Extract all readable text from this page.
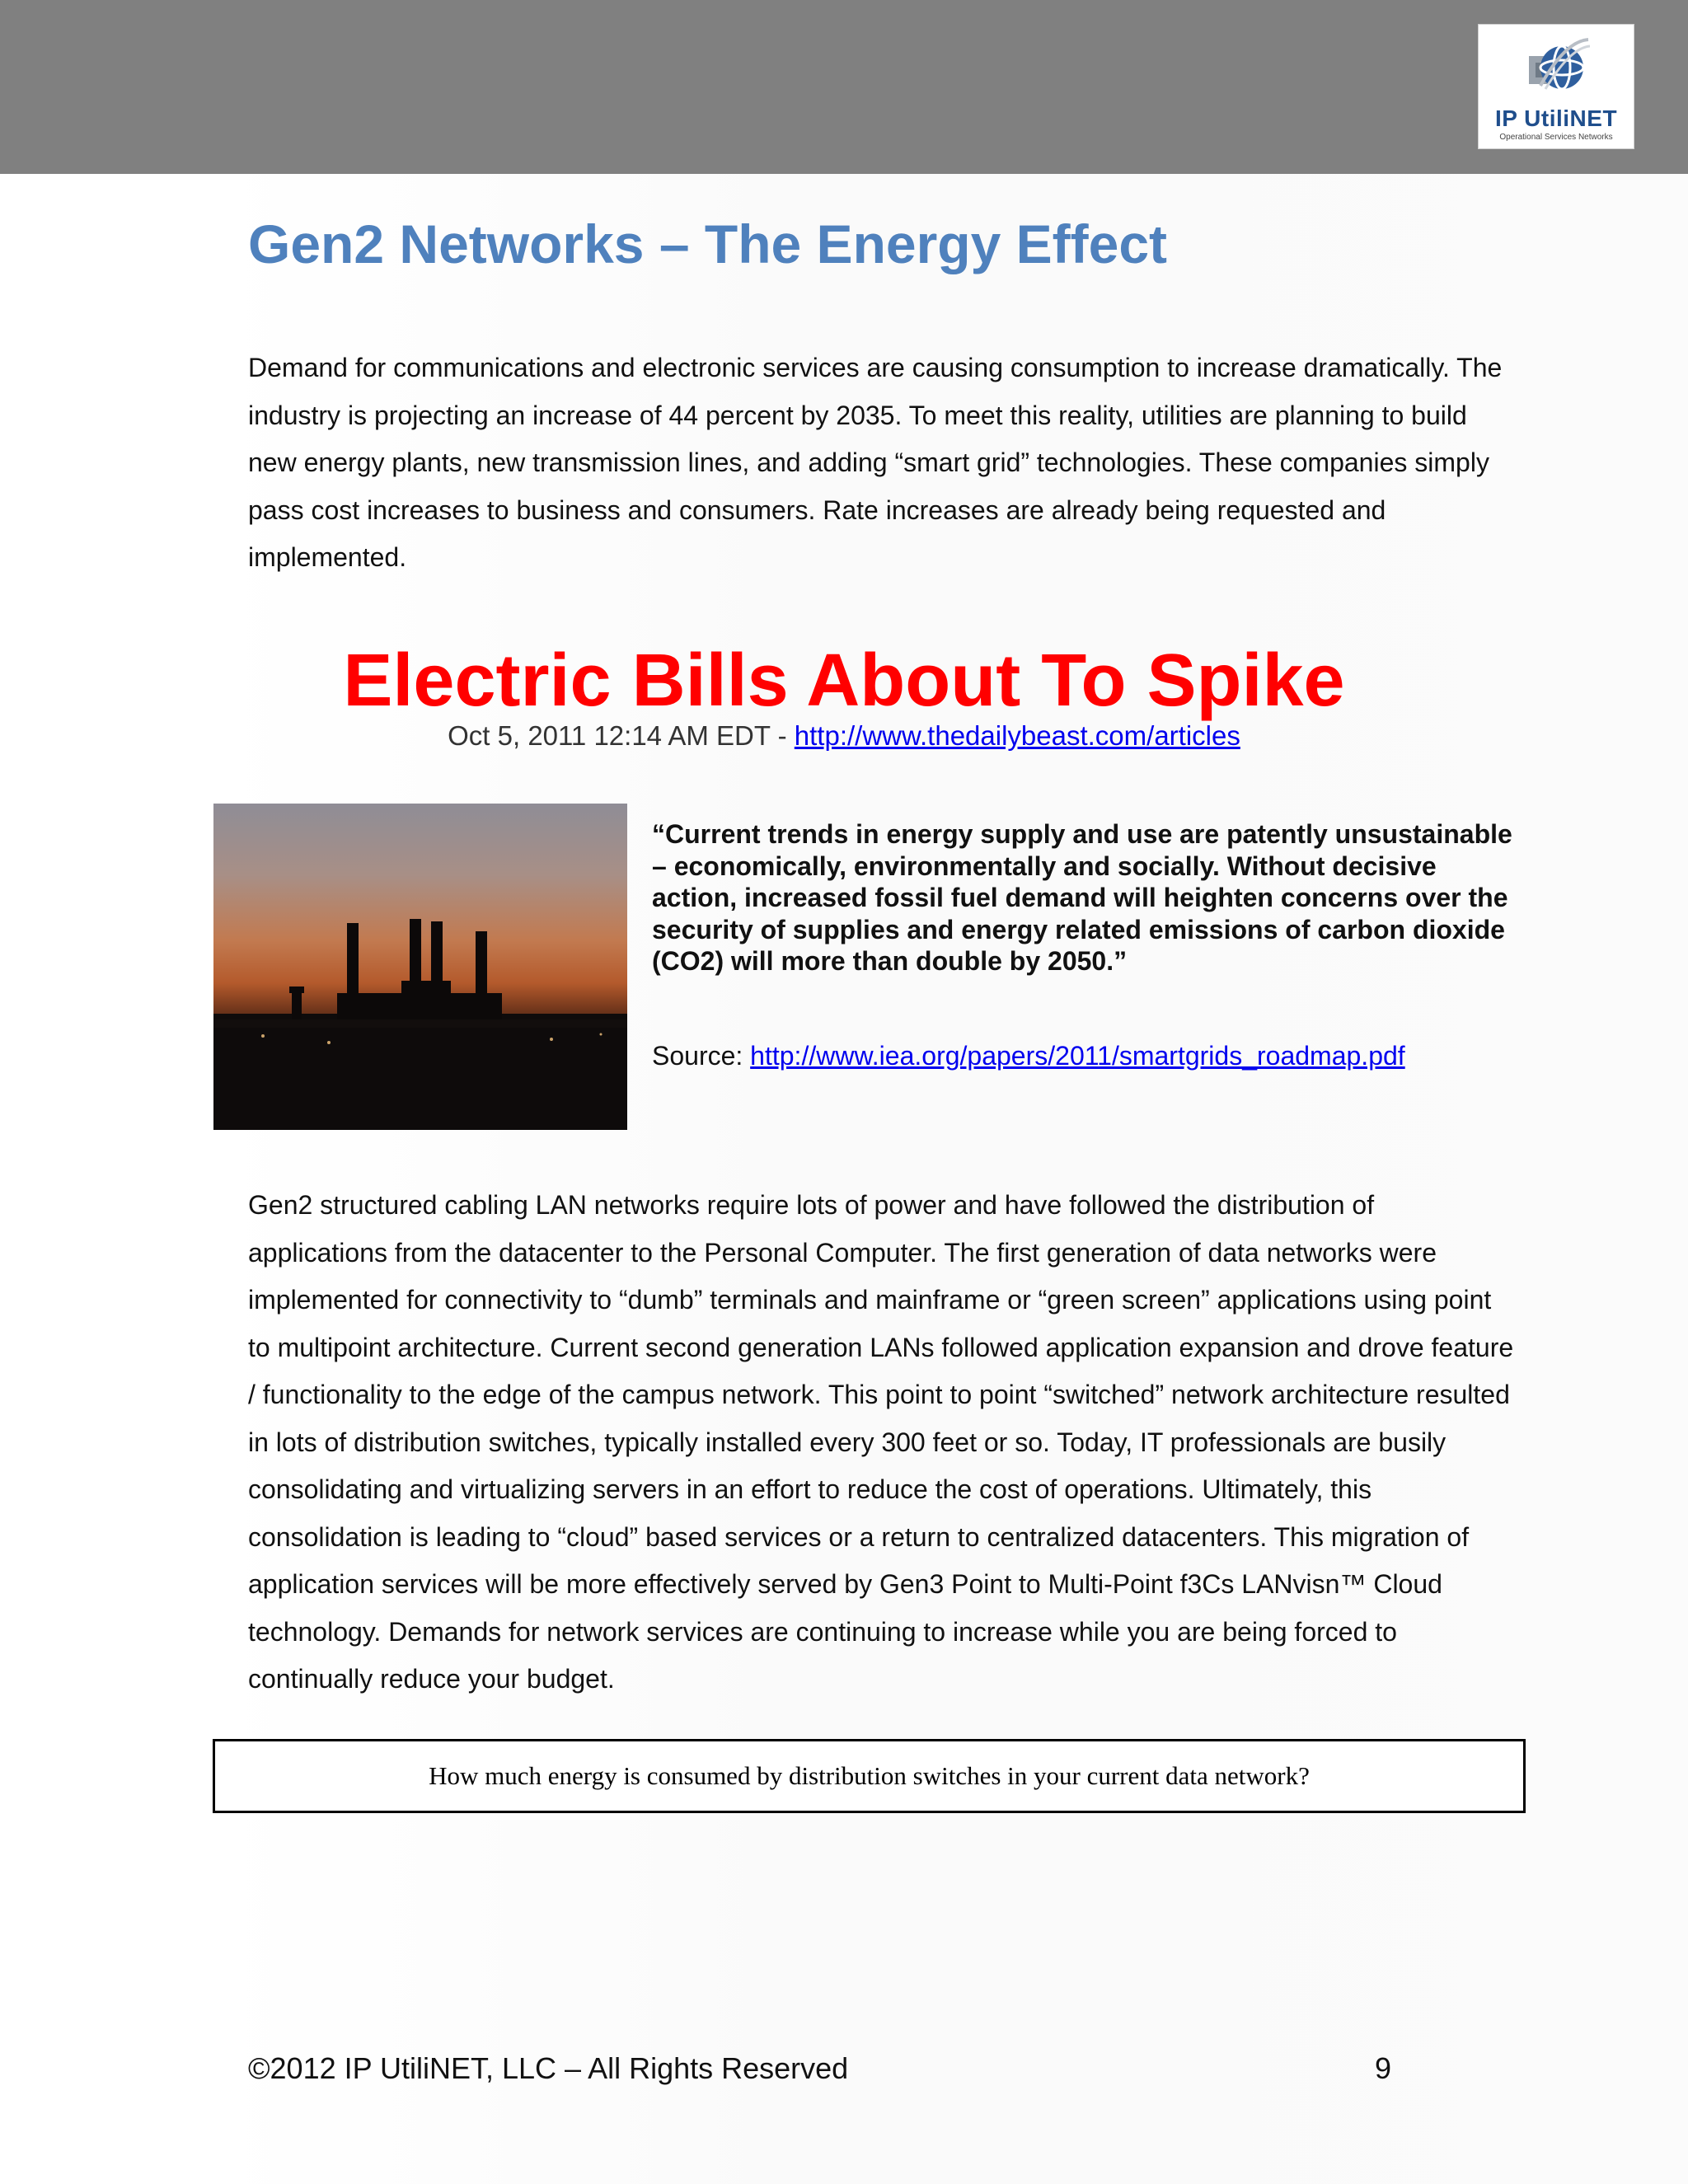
IP UtiliNET
Operational Services Networks
Gen2 Networks – The Energy Effect

Demand for communications and electronic services are causing consumption to increase dramatically. The industry is projecting an increase of 44 percent by 2035. To meet this reality, utilities are planning to build new energy plants, new transmission lines, and adding “smart grid” technologies. These companies simply pass cost increases to business and consumers. Rate increases are already being requested and implemented.

Electric Bills About To Spike
Oct 5, 2011 12:14 AM EDT - http://www.thedailybeast.com/articles

“Current trends in energy supply and use are patently unsustainable – economically, environmentally and socially. Without decisive action, increased fossil fuel demand will heighten concerns over the security of supplies and energy related emissions of carbon dioxide (CO2) will more than double by 2050.”

Source: http://www.iea.org/papers/2011/smartgrids_roadmap.pdf

Gen2 structured cabling LAN networks require lots of power and have followed the distribution of applications from the datacenter to the Personal Computer. The first generation of data networks were implemented for connectivity to “dumb” terminals and mainframe or “green screen” applications using point to multipoint architecture. Current second generation LANs followed application expansion and drove feature / functionality to the edge of the campus network. This point to point “switched” network architecture resulted in lots of distribution switches, typically installed every 300 feet or so. Today, IT professionals are busily consolidating and virtualizing servers in an effort to reduce the cost of operations. Ultimately, this consolidation is leading to “cloud” based services or a return to centralized datacenters. This migration of application services will be more effectively served by Gen3 Point to Multi-Point f3Cs LANvisn™ Cloud technology. Demands for network services are continuing to increase while you are being forced to continually reduce your budget.

How much energy is consumed by distribution switches in your current data network?
©2012 IP UtiliNET, LLC – All Rights Reserved	9
